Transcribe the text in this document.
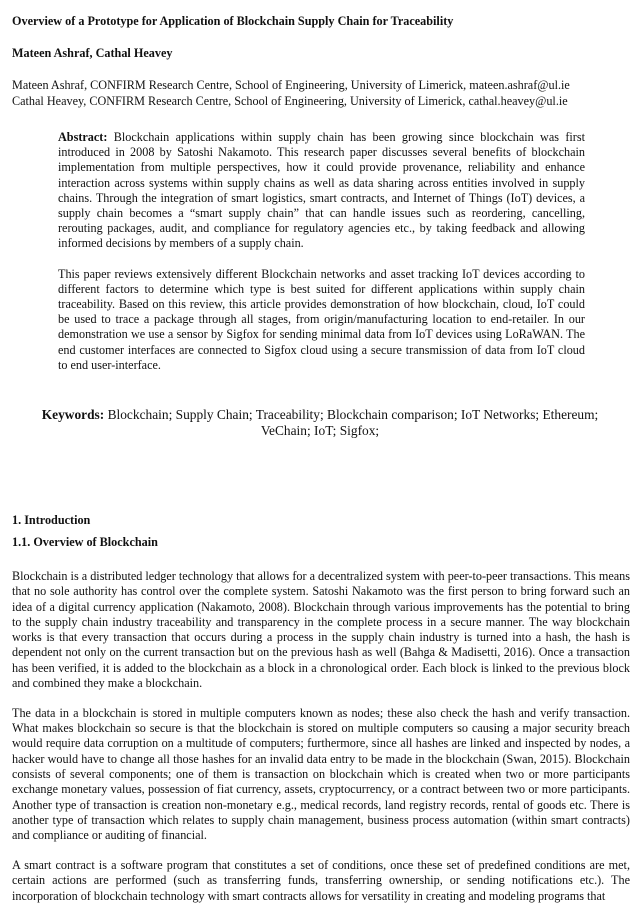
Overview of a Prototype for Application of Blockchain Supply Chain for Traceability
Mateen Ashraf, Cathal Heavey
Mateen Ashraf, CONFIRM Research Centre, School of Engineering, University of Limerick, mateen.ashraf@ul.ie
Cathal Heavey, CONFIRM Research Centre, School of Engineering, University of Limerick, cathal.heavey@ul.ie

Abstract: Blockchain applications within supply chain has been growing since blockchain was first introduced in 2008 by Satoshi Nakamoto. This research paper discusses several benefits of blockchain implementation from multiple perspectives, how it could provide provenance, reliability and enhance interaction across systems within supply chains as well as data sharing across entities involved in supply chains. Through the integration of smart logistics, smart contracts, and Internet of Things (IoT) devices, a supply chain becomes a “smart supply chain” that can handle issues such as reordering, cancelling, rerouting packages, audit, and compliance for regulatory agencies etc., by taking feedback and allowing informed decisions by members of a supply chain.

This paper reviews extensively different Blockchain networks and asset tracking IoT devices according to different factors to determine which type is best suited for different applications within supply chain traceability. Based on this review, this article provides demonstration of how blockchain, cloud, IoT could be used to trace a package through all stages, from origin/manufacturing location to end-retailer. In our demonstration we use a sensor by Sigfox for sending minimal data from IoT devices using LoRaWAN. The end customer interfaces are connected to Sigfox cloud using a secure transmission of data from IoT cloud to end user-interface.

Keywords: Blockchain; Supply Chain; Traceability; Blockchain comparison; IoT Networks; Ethereum; VeChain; IoT; Sigfox;
1. Introduction
1.1. Overview of Blockchain

Blockchain is a distributed ledger technology that allows for a decentralized system with peer-to-peer transactions. This means that no sole authority has control over the complete system. Satoshi Nakamoto was the first person to bring forward such an idea of a digital currency application (Nakamoto, 2008). Blockchain through various improvements has the potential to bring to the supply chain industry traceability and transparency in the complete process in a secure manner. The way blockchain works is that every transaction that occurs during a process in the supply chain industry is turned into a hash, the hash is dependent not only on the current transaction but on the previous hash as well (Bahga & Madisetti, 2016). Once a transaction has been verified, it is added to the blockchain as a block in a chronological order. Each block is linked to the previous block and combined they make a blockchain.

The data in a blockchain is stored in multiple computers known as nodes; these also check the hash and verify transaction. What makes blockchain so secure is that the blockchain is stored on multiple computers so causing a major security breach would require data corruption on a multitude of computers; furthermore, since all hashes are linked and inspected by nodes, a hacker would have to change all those hashes for an invalid data entry to be made in the blockchain (Swan, 2015). Blockchain consists of several components; one of them is transaction on blockchain which is created when two or more participants exchange monetary values, possession of fiat currency, assets, cryptocurrency, or a contract between two or more participants. Another type of transaction is creation non-monetary e.g., medical records, land registry records, rental of goods etc. There is another type of transaction which relates to supply chain management, business process automation (within smart contracts) and compliance or auditing of financial.

A smart contract is a software program that constitutes a set of conditions, once these set of predefined conditions are met, certain actions are performed (such as transferring funds, transferring ownership, or sending notifications etc.). The incorporation of blockchain technology with smart contracts allows for versatility in creating and modeling programs that
